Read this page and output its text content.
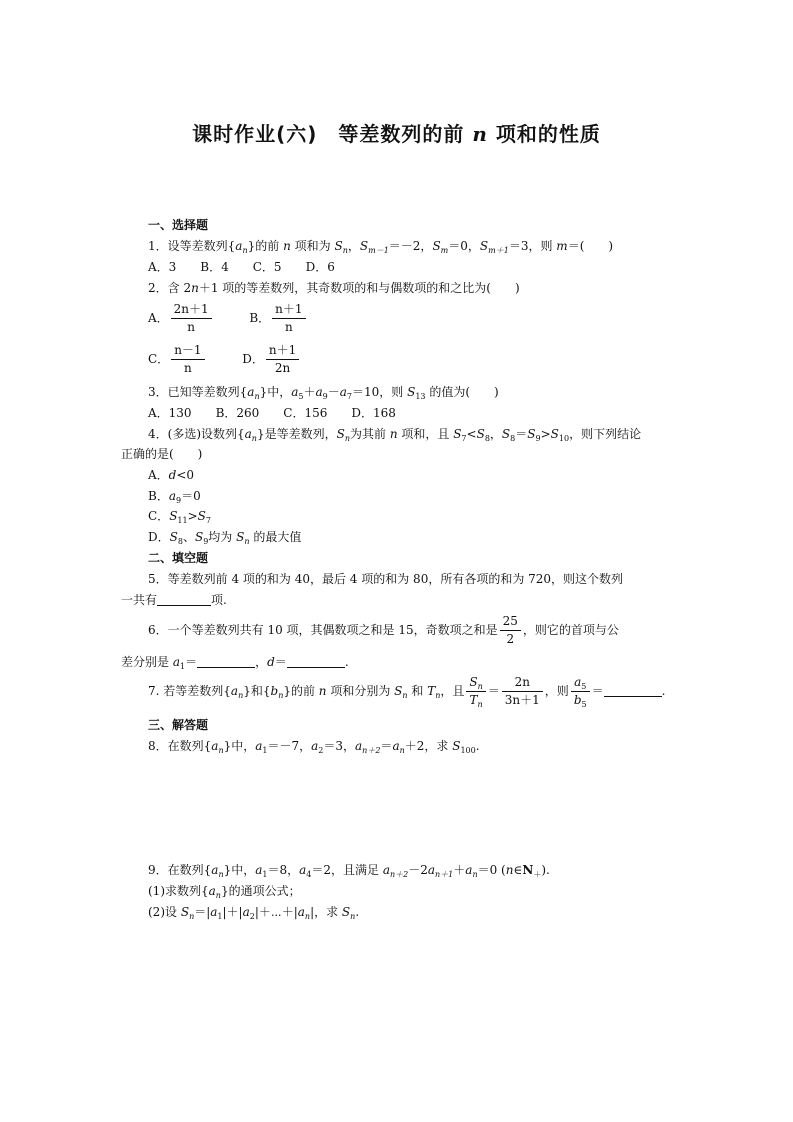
课时作业(六)　等差数列的前 n 项和的性质
一、选择题
1．设等差数列$\{a_n\}$的前 n 项和为 $S_n$，$S_{m-1}=-2$，$S_m=0$，$S_{m+1}=3$，则 m＝(　　)
A．3　　B．4　　C．5　　D．6
2．含 2n＋1 项的等差数列，其奇数项的和与偶数项的和之比为(　　)
A． $\frac{2n+1}{n}$	B． $\frac{n+1}{n}$
C． $\frac{n-1}{n}$	D． $\frac{n+1}{2n}$
3．已知等差数列$\{a_n\}$中，$a_5+a_9-a_7=10$，则 $S_{13}$ 的值为(　　)
A．130　　B．260　　C．156　　D．168
4．(多选)设数列$\{a_n\}$是等差数列，$S_n$为其前 n 项和，且 $S_7<S_8$，$S_8=S_9>S_{10}$，则下列结论
正确的是(　　)
A．d<0
B．$a_9=0$
C．$S_{11}>S_7$
D．$S_8$、$S_9$均为 $S_n$ 的最大值
二、填空题
5．等差数列前 4 项的和为 40，最后 4 项的和为 80，所有各项的和为 720，则这个数列
一共有	项.
6．一个等差数列共有 10 项，其偶数项之和是 15，奇数项之和是 $\frac{25}{2}$ ，则它的首项与公
差分别是 $a_1=$	，d＝	.
7. 若等差数列$\{a_n\}$和$\{b_n\}$的前 n 项和分别为 $S_n$ 和 $T_n$，且 $\frac{S_n}{T_n} = \frac{2n}{3n+1}$ ，则 $\frac{a_5}{b_5}$ ＝	.
三、解答题
8．在数列$\{a_n\}$中，$a_1=-7$，$a_2=3$，$a_{n+2}=a_n+2$，求 $S_{100}$.
9．在数列$\{a_n\}$中，$a_1=8$，$a_4=2$，且满足 $a_{n+2}-2a_{n+1}+a_n=0$ $(n\in N_+)$.
(1)求数列$\{a_n\}$的通项公式；
(2)设 $S_n=|a_1|+|a_2|+\cdots+|a_n|$，求 $S_n$.
